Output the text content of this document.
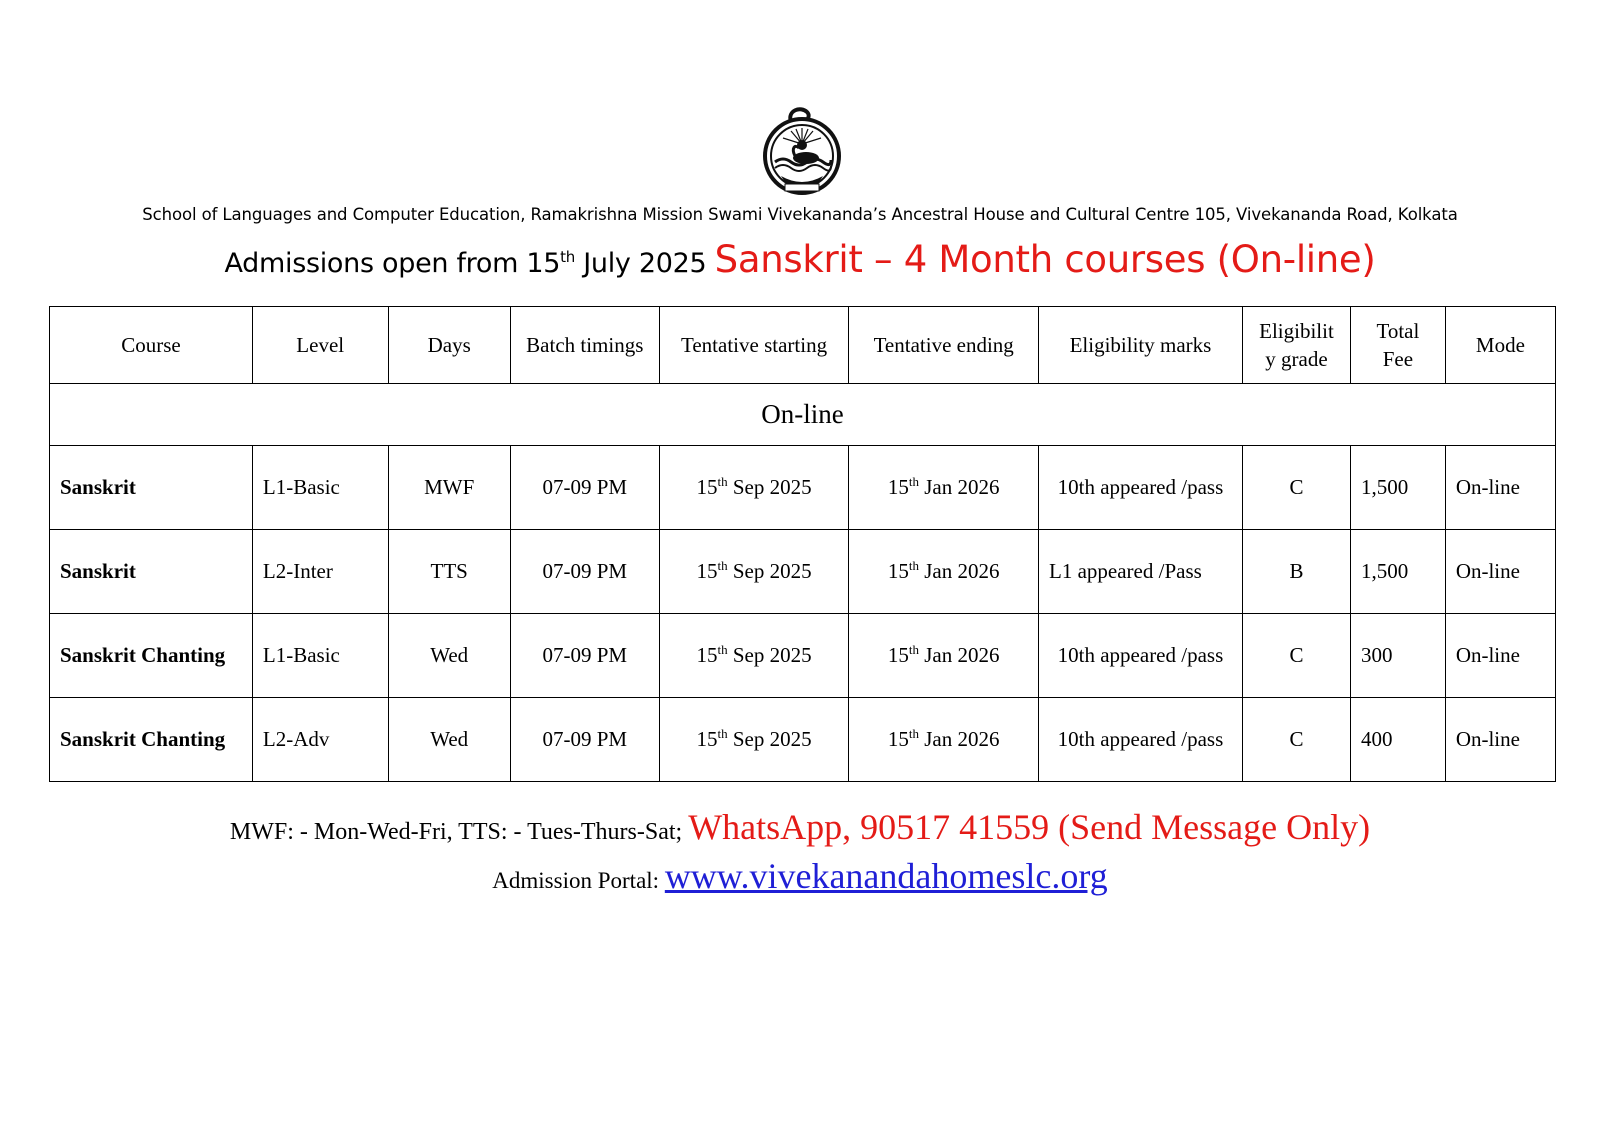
School of Languages and Computer Education, Ramakrishna Mission Swami Vivekananda’s Ancestral House and Cultural Centre 105, Vivekananda Road, Kolkata
Admissions open from 15th July 2025 Sanskrit – 4 Month courses (On-line)
Course	Level	Days	Batch timings	Tentative starting	Tentative ending	Eligibility marks	Eligibilit y grade	Total Fee	Mode
On-line									
Sanskrit	L1-Basic	MWF	07-09 PM	15th Sep 2025	15th Jan 2026	10th appeared /pass	C	1,500	On-line
Sanskrit	L2-Inter	TTS	07-09 PM	15th Sep 2025	15th Jan 2026	L1 appeared /Pass	B	1,500	On-line
Sanskrit Chanting	L1-Basic	Wed	07-09 PM	15th Sep 2025	15th Jan 2026	10th appeared /pass	C	300	On-line
Sanskrit Chanting	L2-Adv	Wed	07-09 PM	15th Sep 2025	15th Jan 2026	10th appeared /pass	C	400	On-line
MWF: - Mon-Wed-Fri, TTS: - Tues-Thurs-Sat; WhatsApp, 90517 41559 (Send Message Only)
Admission Portal: www.vivekanandahomeslc.org
